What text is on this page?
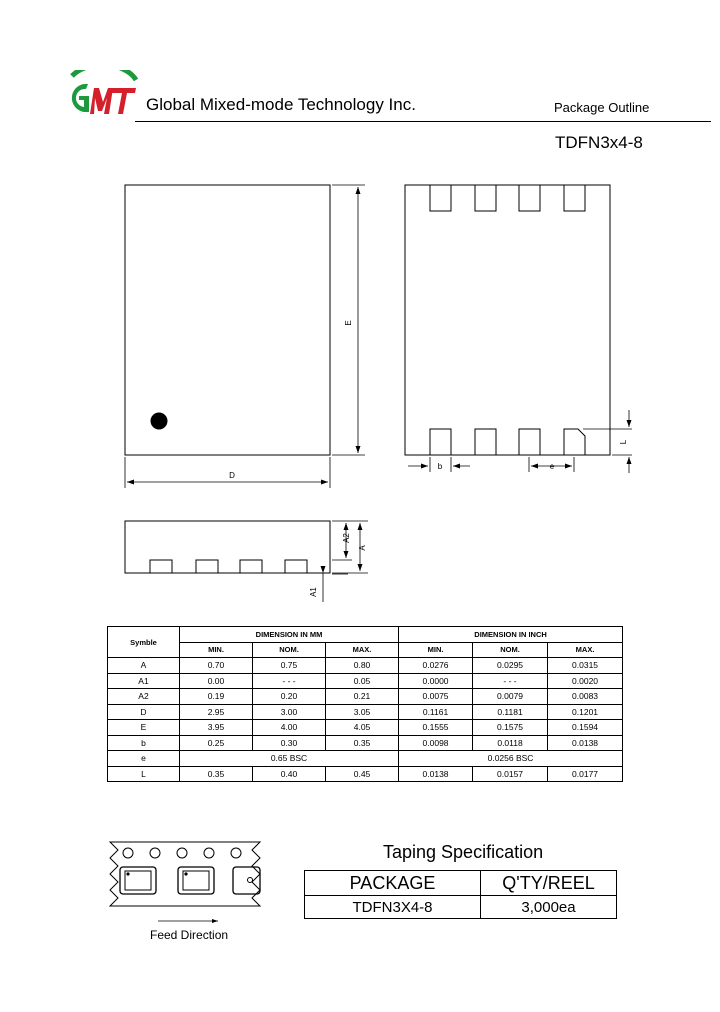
GMT
Global Mixed-mode Technology Inc.	Package Outline
TDFN3x4-8
E
D
L
b	e
A
A2
A1
Symble	DIMENSION IN MM			DIMENSION IN INCH		
	MIN.	NOM.	MAX.	MIN.	NOM.	MAX.
A	0.70	0.75	0.80	0.0276	0.0295	0.0315
A1	0.00	- - -	0.05	0.0000	- - -	0.0020
A2	0.19	0.20	0.21	0.0075	0.0079	0.0083
D	2.95	3.00	3.05	0.1161	0.1181	0.1201
E	3.95	4.00	4.05	0.1555	0.1575	0.1594
b	0.25	0.30	0.35	0.0098	0.0118	0.0138
e	0.65 BSC			0.0256 BSC		
L	0.35	0.40	0.45	0.0138	0.0157	0.0177
Feed Direction
Taping Specification
PACKAGE	Q'TY/REEL
TDFN3X4-8	3,000ea
